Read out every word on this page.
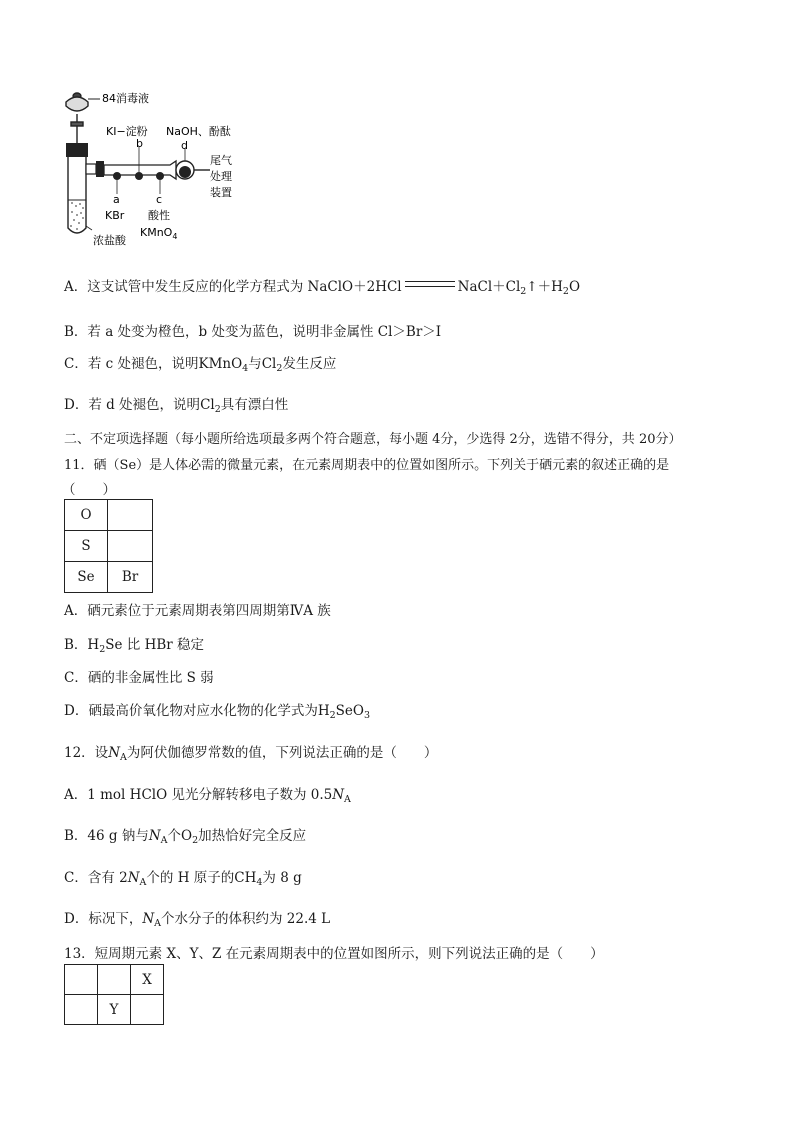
84消毒液
KI−淀粉 NaOH、酚酞
b	d
a	c
KBr 酸性
KMnO$_4$
尾气
处理
装置
浓盐酸
A．这支试管中发生反应的化学方程式为 NaClO＋2HCl	$NaCl+Cl_2↑+H_2O$
B．若 a 处变为橙色，b 处变为蓝色，说明非金属性 Cl＞Br＞I
C．若 c 处褪色，说明KMnO$_4$与$Cl_2$发生反应
D．若 d 处褪色，说明$Cl_2$具有漂白性
二、不定项选择题（每小题所给选项最多两个符合题意，每小题 4分，少选得 2分，选错不得分，共 20分）
11．硒（Se）是人体必需的微量元素，在元素周期表中的位置如图所示。下列关于硒元素的叙述正确的是
（　　）
O	
S	
Se	Br
A．硒元素位于元素周期表第四周期第ⅣA 族
B．$H_2Se$ 比 HBr 稳定
C．硒的非金属性比 S 弱
D．硒最高价氧化物对应水化物的化学式为$H_2SeO_3$
12．设$N_A$为阿伏伽德罗常数的值，下列说法正确的是（　　）
A．1 mol HClO 见光分解转移电子数为 $0.5N_A$
B．46 g 钠与$N_A$个$O_2$加热恰好完全反应
C．含有 $2N_A$个的 H 原子的$CH_4$为 8 g
D．标况下，$N_A$个水分子的体积约为 22.4 L
13．短周期元素 X、Y、Z 在元素周期表中的位置如图所示，则下列说法正确的是（　　）
		X
	Y	
